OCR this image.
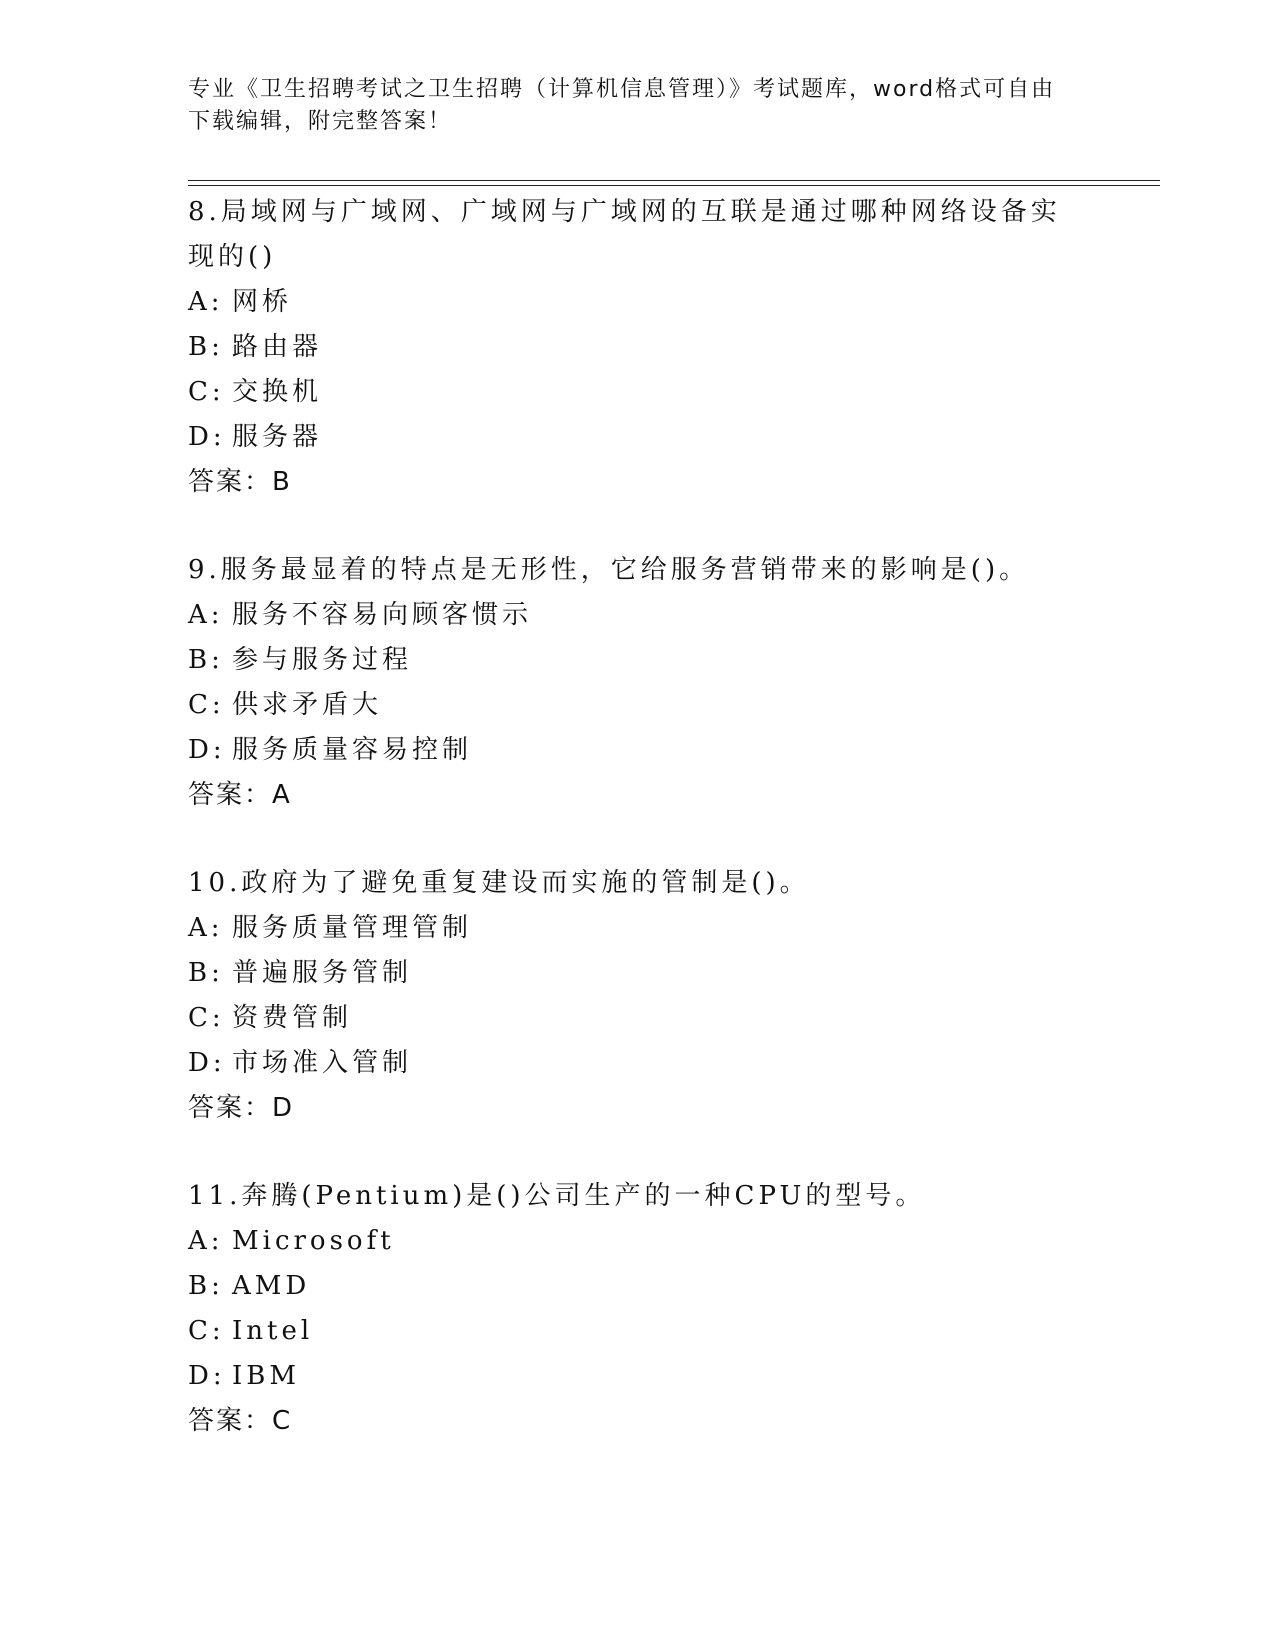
专业《卫生招聘考试之卫生招聘（计算机信息管理）》考试题库，word格式可自由下载编辑，附完整答案！
8.局域网与广域网、广域网与广域网的互联是通过哪种网络设备实现的()
A: 网桥
B: 路由器
C: 交换机
D: 服务器
答案：B
9.服务最显着的特点是无形性，它给服务营销带来的影响是()。
A: 服务不容易向顾客惯示
B: 参与服务过程
C: 供求矛盾大
D: 服务质量容易控制
答案：A
10.政府为了避免重复建设而实施的管制是()。
A: 服务质量管理管制
B: 普遍服务管制
C: 资费管制
D: 市场准入管制
答案：D
11.奔腾(Pentium)是()公司生产的一种CPU的型号。
A: Microsoft
B: AMD
C: Intel
D: IBM
答案：C
